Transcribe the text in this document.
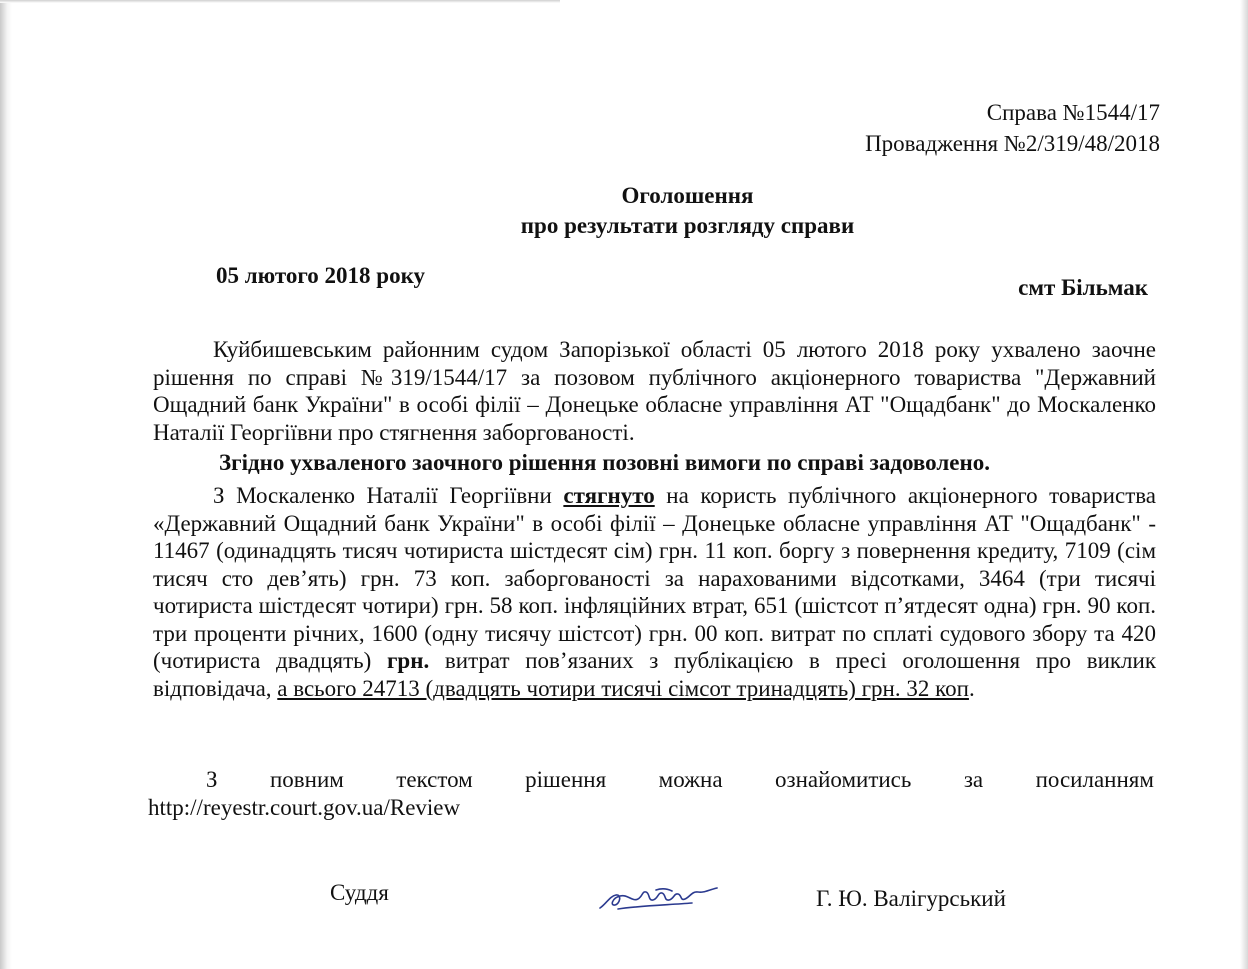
Справа №1544/17
Провадження №2/319/48/2018
Оголошення
про результати розгляду справи
05 лютого 2018 року	смт Більмак
Куйбишевським районним судом Запорізької області 05 лютого 2018 року ухвалено заочне рішення по справі №319/1544/17 за позовом публічного акціонерного товариства "Державний Ощадний банк України" в особі філії – Донецьке обласне управління АТ "Ощадбанк" до Москаленко Наталії Георгіївни про стягнення заборгованості.
Згідно ухваленого заочного рішення позовні вимоги по справі задоволено.
З Москаленко Наталії Георгіївни стягнуто на користь публічного акціонерного товариства «Державний Ощадний банк України" в особі філії – Донецьке обласне управління АТ "Ощадбанк" - 11467 (одинадцять тисяч чотириста шістдесят сім) грн. 11 коп. боргу з повернення кредиту, 7109 (сім тисяч сто дев’ять) грн. 73 коп. заборгованості за нарахованими відсотками, 3464 (три тисячі чотириста шістдесят чотири) грн. 58 коп. інфляційних втрат, 651 (шістсот п’ятдесят одна) грн. 90 коп. три проценти річних, 1600 (одну тисячу шістсот) грн. 00 коп. витрат по сплаті судового збору та 420 (чотириста двадцять) грн. витрат пов’язаних з публікацією в пресі оголошення про виклик відповідача, а всього 24713 (двадцять чотири тисячі сімсот тринадцять) грн. 32 коп.
З повним текстом рішення можна ознайомитись за посиланням
http://reyestr.court.gov.ua/Review
Суддя	Г. Ю. Валігурський
